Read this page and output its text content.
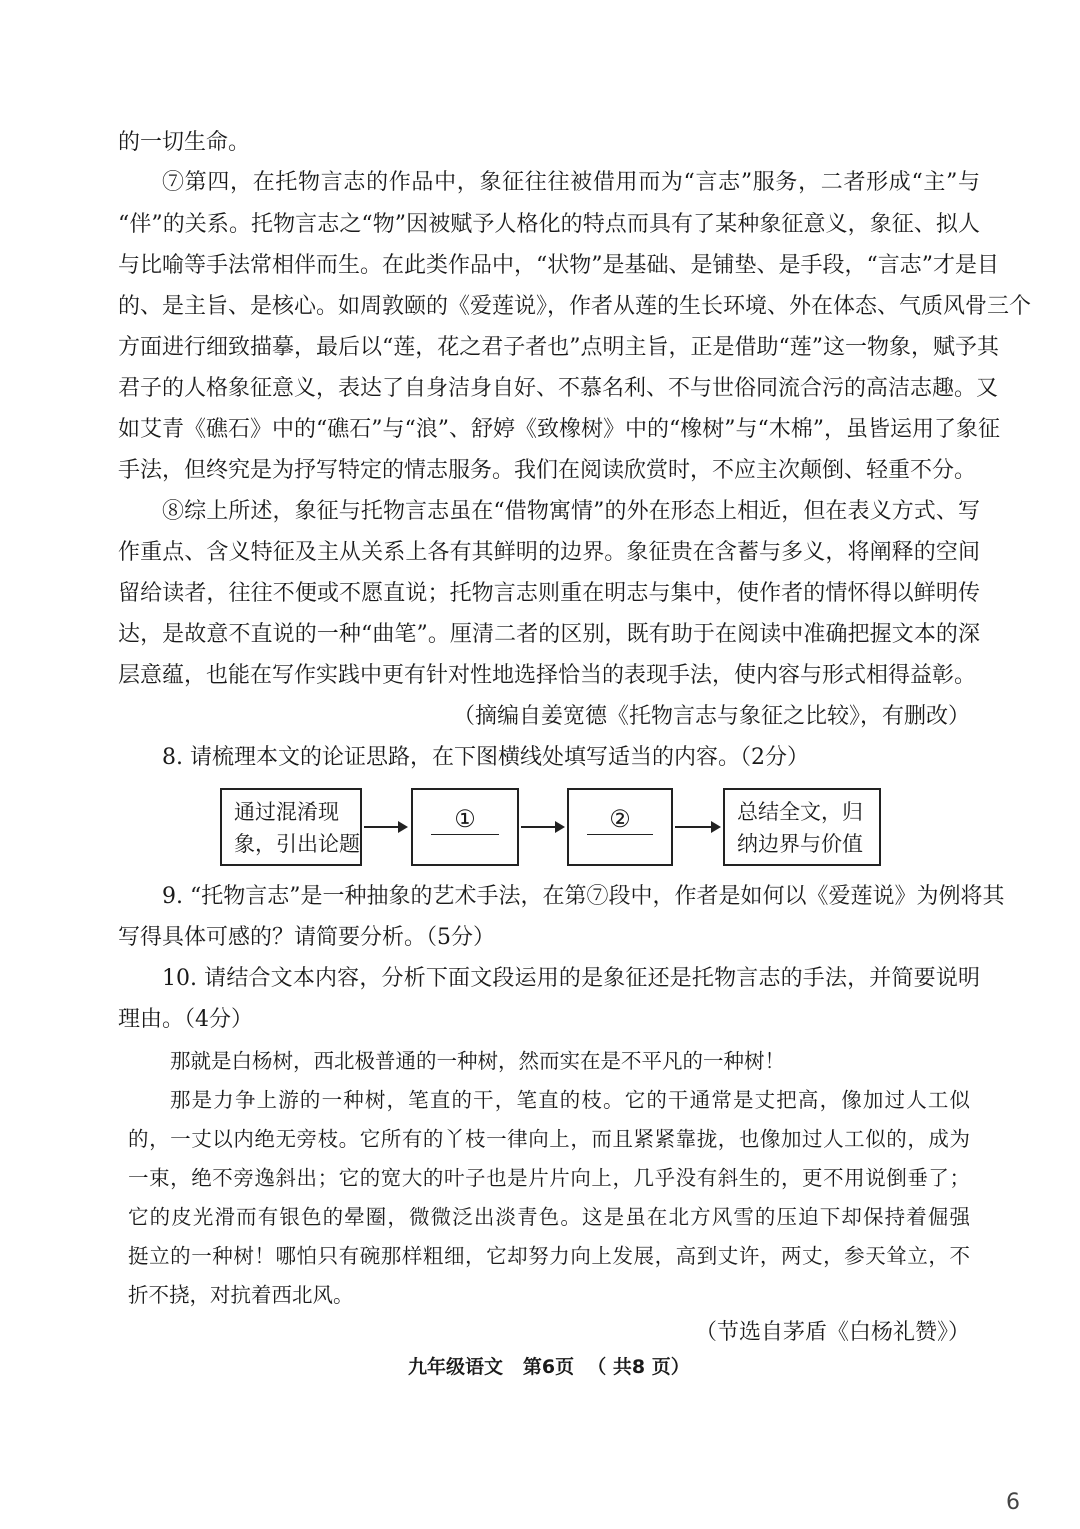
的一切生命。
⑦第四，在托物言志的作品中，象征往往被借用而为“言志”服务，二者形成“主”与
“伴”的关系。托物言志之“物”因被赋予人格化的特点而具有了某种象征意义，象征、拟人
与比喻等手法常相伴而生。在此类作品中，“状物”是基础、是铺垫、是手段，“言志”才是目
的、是主旨、是核心。如周敦颐的《爱莲说》，作者从莲的生长环境、外在体态、气质风骨三个
方面进行细致描摹，最后以“莲，花之君子者也”点明主旨，正是借助“莲”这一物象，赋予其
君子的人格象征意义，表达了自身洁身自好、不慕名利、不与世俗同流合污的高洁志趣。又
如艾青《礁石》中的“礁石”与“浪”、舒婷《致橡树》中的“橡树”与“木棉”，虽皆运用了象征
手法，但终究是为抒写特定的情志服务。我们在阅读欣赏时，不应主次颠倒、轻重不分。
⑧综上所述，象征与托物言志虽在“借物寓情”的外在形态上相近，但在表义方式、写
作重点、含义特征及主从关系上各有其鲜明的边界。象征贵在含蓄与多义，将阐释的空间
留给读者，往往不便或不愿直说；托物言志则重在明志与集中，使作者的情怀得以鲜明传
达，是故意不直说的一种“曲笔”。厘清二者的区别，既有助于在阅读中准确把握文本的深
层意蕴，也能在写作实践中更有针对性地选择恰当的表现手法，使内容与形式相得益彰。
（摘编自姜宽德《托物言志与象征之比较》，有删改）
8. 请梳理本文的论证思路，在下图横线处填写适当的内容。（2分）
通过混淆现
象，引出论题
①	②	总结全文，归
纳边界与价值
9. “托物言志”是一种抽象的艺术手法，在第⑦段中，作者是如何以《爱莲说》为例将其
写得具体可感的？请简要分析。（5分）
10. 请结合文本内容，分析下面文段运用的是象征还是托物言志的手法，并简要说明
理由。（4分）
那就是白杨树，西北极普通的一种树，然而实在是不平凡的一种树！
那是力争上游的一种树，笔直的干，笔直的枝。它的干通常是丈把高，像加过人工似
的，一丈以内绝无旁枝。它所有的丫枝一律向上，而且紧紧靠拢，也像加过人工似的，成为
一束，绝不旁逸斜出；它的宽大的叶子也是片片向上，几乎没有斜生的，更不用说倒垂了；
它的皮光滑而有银色的晕圈，微微泛出淡青色。这是虽在北方风雪的压迫下却保持着倔强
挺立的一种树！哪怕只有碗那样粗细，它却努力向上发展，高到丈许，两丈，参天耸立，不
折不挠，对抗着西北风。
（节选自茅盾《白杨礼赞》）
九年级语文   第6页  （ 共8 页）
6
